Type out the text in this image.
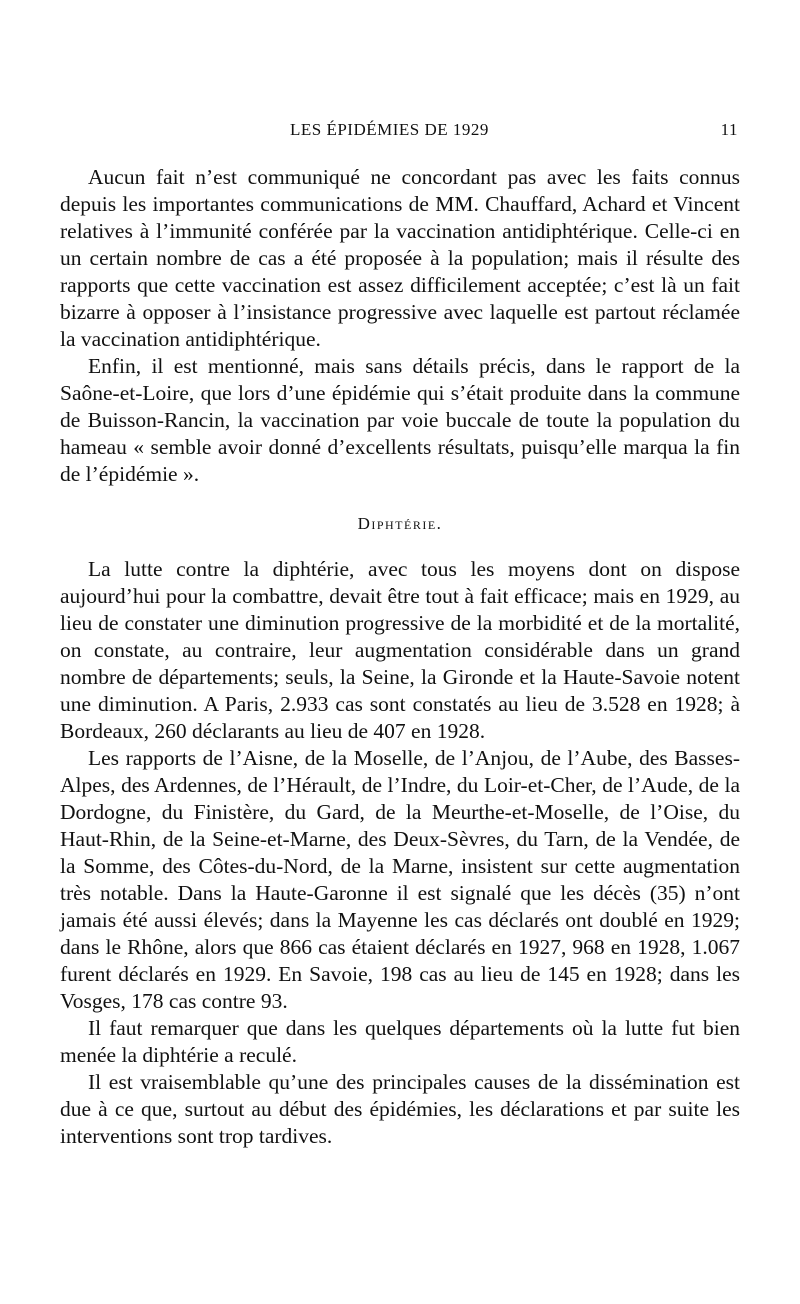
LES ÉPIDÉMIES DE 1929	11

Aucun fait n’est communiqué ne concordant pas avec les faits connus depuis les importantes communications de MM. Chauffard, Achard et Vincent relatives à l’immunité conférée par la vaccination antidiphtérique. Celle-ci en un certain nombre de cas a été proposée à la population; mais il résulte des rapports que cette vaccination est assez difficilement acceptée; c’est là un fait bizarre à opposer à l’insistance progressive avec laquelle est partout réclamée la vaccination antidiphtérique.

Enfin, il est mentionné, mais sans détails précis, dans le rapport de la Saône-et-Loire, que lors d’une épidémie qui s’était produite dans la commune de Buisson-Rancin, la vaccination par voie buccale de toute la population du hameau « semble avoir donné d’excellents résultats, puisqu’elle marqua la fin de l’épidémie ».

Diphtérie.

La lutte contre la diphtérie, avec tous les moyens dont on dispose aujourd’hui pour la combattre, devait être tout à fait efficace; mais en 1929, au lieu de constater une diminution progressive de la morbidité et de la mortalité, on constate, au contraire, leur augmentation considérable dans un grand nombre de départements; seuls, la Seine, la Gironde et la Haute-Savoie notent une diminution. A Paris, 2.933 cas sont constatés au lieu de 3.528 en 1928; à Bordeaux, 260 déclarants au lieu de 407 en 1928.

Les rapports de l’Aisne, de la Moselle, de l’Anjou, de l’Aube, des Basses-Alpes, des Ardennes, de l’Hérault, de l’Indre, du Loir-et-Cher, de l’Aude, de la Dordogne, du Finistère, du Gard, de la Meurthe-et-Moselle, de l’Oise, du Haut-Rhin, de la Seine-et-Marne, des Deux-Sèvres, du Tarn, de la Vendée, de la Somme, des Côtes-du-Nord, de la Marne, insistent sur cette augmentation très notable. Dans la Haute-Garonne il est signalé que les décès (35) n’ont jamais été aussi élevés; dans la Mayenne les cas déclarés ont doublé en 1929; dans le Rhône, alors que 866 cas étaient déclarés en 1927, 968 en 1928, 1.067 furent déclarés en 1929. En Savoie, 198 cas au lieu de 145 en 1928; dans les Vosges, 178 cas contre 93.

Il faut remarquer que dans les quelques départements où la lutte fut bien menée la diphtérie a reculé.

Il est vraisemblable qu’une des principales causes de la dissémination est due à ce que, surtout au début des épidémies, les déclarations et par suite les interventions sont trop tardives.
